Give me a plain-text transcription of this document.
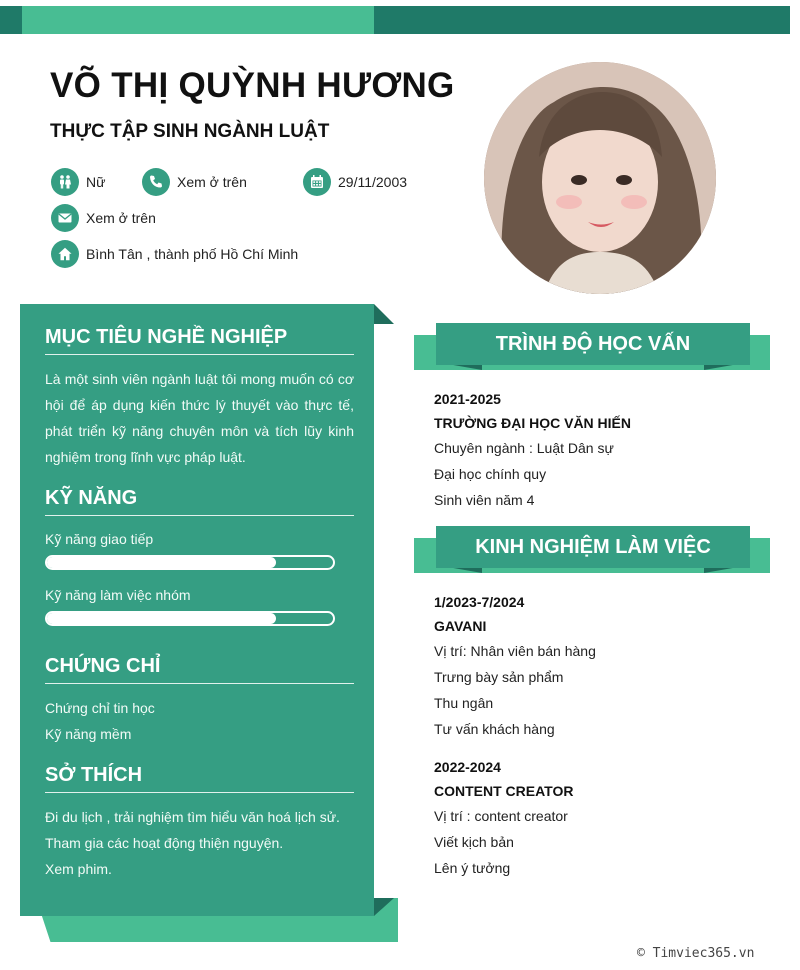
VÕ THỊ QUỲNH HƯƠNG
THỰC TẬP SINH NGÀNH LUẬT
Nữ	Xem ở trên	29/11/2003
Xem ở trên
Bình Tân , thành phố Hồ Chí Minh
MỤC TIÊU NGHỀ NGHIỆP
Là một sinh viên ngành luật tôi mong muốn có cơ hội để áp dụng kiến thức lý thuyết vào thực tế, phát triển kỹ năng chuyên môn và tích lũy kinh nghiệm trong lĩnh vực pháp luật.
KỸ NĂNG
Kỹ năng giao tiếp
Kỹ năng làm việc nhóm
CHỨNG CHỈ
Chứng chỉ tin học
Kỹ năng mềm
SỞ THÍCH
Đi du lịch , trải nghiệm tìm hiểu văn hoá lịch sử.
Tham gia các hoạt động thiện nguyện.
Xem phim.
TRÌNH ĐỘ HỌC VẤN
2021-2025
TRƯỜNG ĐẠI HỌC VĂN HIẾN
Chuyên ngành : Luật Dân sự
Đại học chính quy
Sinh viên năm 4
KINH NGHIỆM LÀM VIỆC
1/2023-7/2024
GAVANI
Vị trí: Nhân viên bán hàng
Trưng bày sản phẩm
Thu ngân
Tư vấn khách hàng
2022-2024
CONTENT CREATOR
Vị trí : content creator
Viết kịch bản
Lên ý tưởng
© Timviec365.vn
